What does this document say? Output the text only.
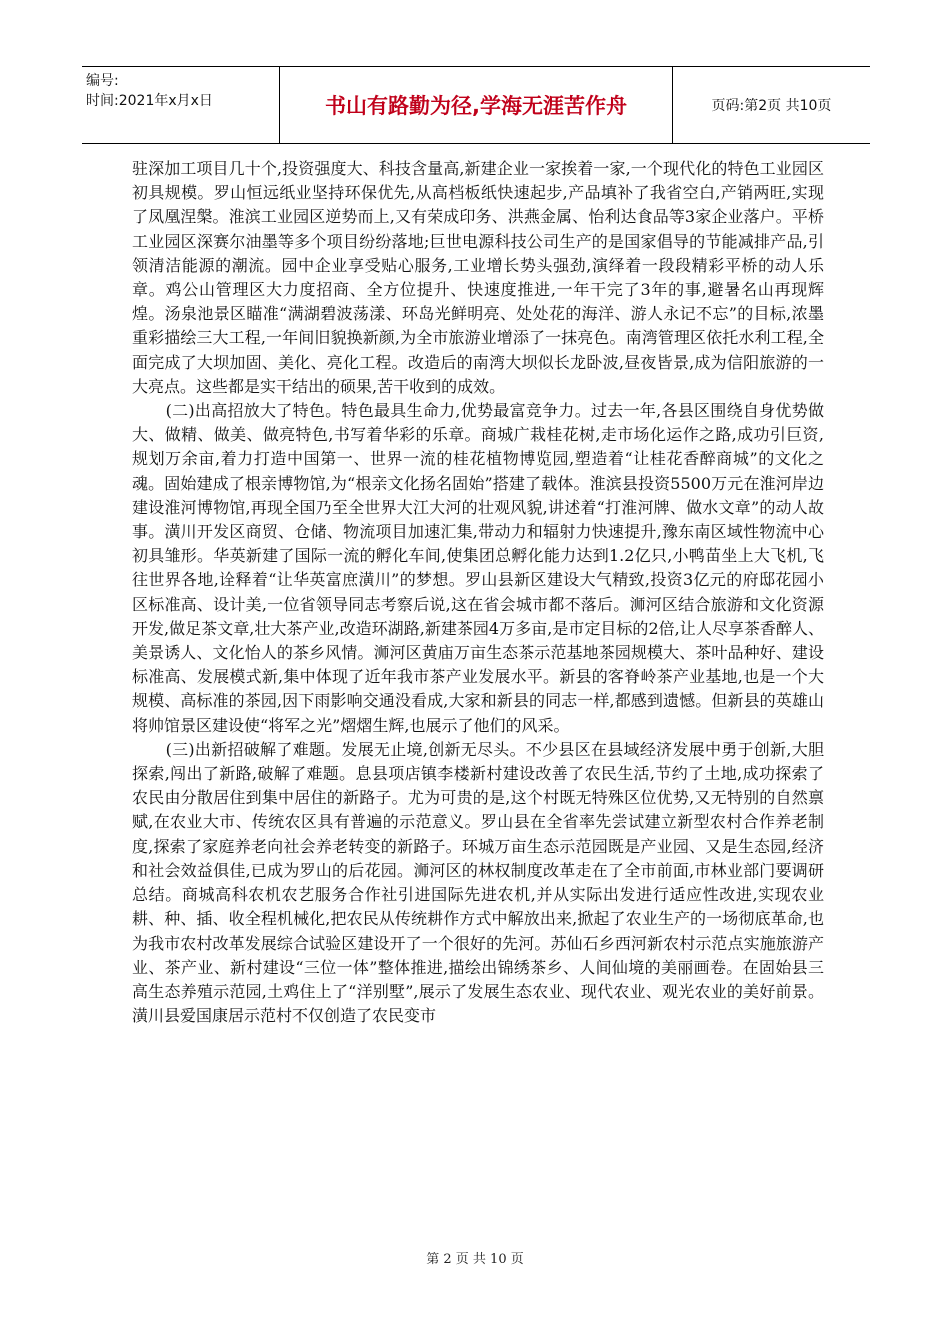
编号:
时间:2021年x月x日	书山有路勤为径,学海无涯苦作舟	页码:第2页 共10页

驻深加工项目几十个,投资强度大、科技含量高,新建企业一家挨着一家,一个现代化的特色工业园区初具规模。罗山恒远纸业坚持环保优先,从高档板纸快速起步,产品填补了我省空白,产销两旺,实现了凤凰涅槃。淮滨工业园区逆势而上,又有荣成印务、洪燕金属、怡利达食品等3家企业落户。平桥工业园区深赛尔油墨等多个项目纷纷落地;巨世电源科技公司生产的是国家倡导的节能减排产品,引领清洁能源的潮流。园中企业享受贴心服务,工业增长势头强劲,演绎着一段段精彩平桥的动人乐章。鸡公山管理区大力度招商、全方位提升、快速度推进,一年干完了3年的事,避暑名山再现辉煌。汤泉池景区瞄准“满湖碧波荡漾、环岛光鲜明亮、处处花的海洋、游人永记不忘”的目标,浓墨重彩描绘三大工程,一年间旧貌换新颜,为全市旅游业增添了一抹亮色。南湾管理区依托水利工程,全面完成了大坝加固、美化、亮化工程。改造后的南湾大坝似长龙卧波,昼夜皆景,成为信阳旅游的一大亮点。这些都是实干结出的硕果,苦干收到的成效。

(二)出高招放大了特色。特色最具生命力,优势最富竞争力。过去一年,各县区围绕自身优势做大、做精、做美、做亮特色,书写着华彩的乐章。商城广栽桂花树,走市场化运作之路,成功引巨资,规划万余亩,着力打造中国第一、世界一流的桂花植物博览园,塑造着“让桂花香醉商城”的文化之魂。固始建成了根亲博物馆,为“根亲文化扬名固始”搭建了载体。淮滨县投资5500万元在淮河岸边建设淮河博物馆,再现全国乃至全世界大江大河的壮观风貌,讲述着“打淮河牌、做水文章”的动人故事。潢川开发区商贸、仓储、物流项目加速汇集,带动力和辐射力快速提升,豫东南区域性物流中心初具雏形。华英新建了国际一流的孵化车间,使集团总孵化能力达到1.2亿只,小鸭苗坐上大飞机,飞往世界各地,诠释着“让华英富庶潢川”的梦想。罗山县新区建设大气精致,投资3亿元的府邸花园小区标准高、设计美,一位省领导同志考察后说,这在省会城市都不落后。浉河区结合旅游和文化资源开发,做足茶文章,壮大茶产业,改造环湖路,新建茶园4万多亩,是市定目标的2倍,让人尽享茶香醉人、美景诱人、文化怡人的茶乡风情。浉河区黄庙万亩生态茶示范基地茶园规模大、茶叶品种好、建设标准高、发展模式新,集中体现了近年我市茶产业发展水平。新县的客脊岭茶产业基地,也是一个大规模、高标准的茶园,因下雨影响交通没看成,大家和新县的同志一样,都感到遗憾。但新县的英雄山将帅馆景区建设使“将军之光”熠熠生辉,也展示了他们的风采。

(三)出新招破解了难题。发展无止境,创新无尽头。不少县区在县域经济发展中勇于创新,大胆探索,闯出了新路,破解了难题。息县项店镇李楼新村建设改善了农民生活,节约了土地,成功探索了农民由分散居住到集中居住的新路子。尤为可贵的是,这个村既无特殊区位优势,又无特别的自然禀赋,在农业大市、传统农区具有普遍的示范意义。罗山县在全省率先尝试建立新型农村合作养老制度,探索了家庭养老向社会养老转变的新路子。环城万亩生态示范园既是产业园、又是生态园,经济和社会效益俱佳,已成为罗山的后花园。浉河区的林权制度改革走在了全市前面,市林业部门要调研总结。商城高科农机农艺服务合作社引进国际先进农机,并从实际出发进行适应性改进,实现农业耕、种、插、收全程机械化,把农民从传统耕作方式中解放出来,掀起了农业生产的一场彻底革命,也为我市农村改革发展综合试验区建设开了一个很好的先河。苏仙石乡西河新农村示范点实施旅游产业、茶产业、新村建设“三位一体”整体推进,描绘出锦绣茶乡、人间仙境的美丽画卷。在固始县三高生态养殖示范园,土鸡住上了“洋别墅”,展示了发展生态农业、现代农业、观光农业的美好前景。潢川县爱国康居示范村不仅创造了农民变市

第 2 页 共 10 页
